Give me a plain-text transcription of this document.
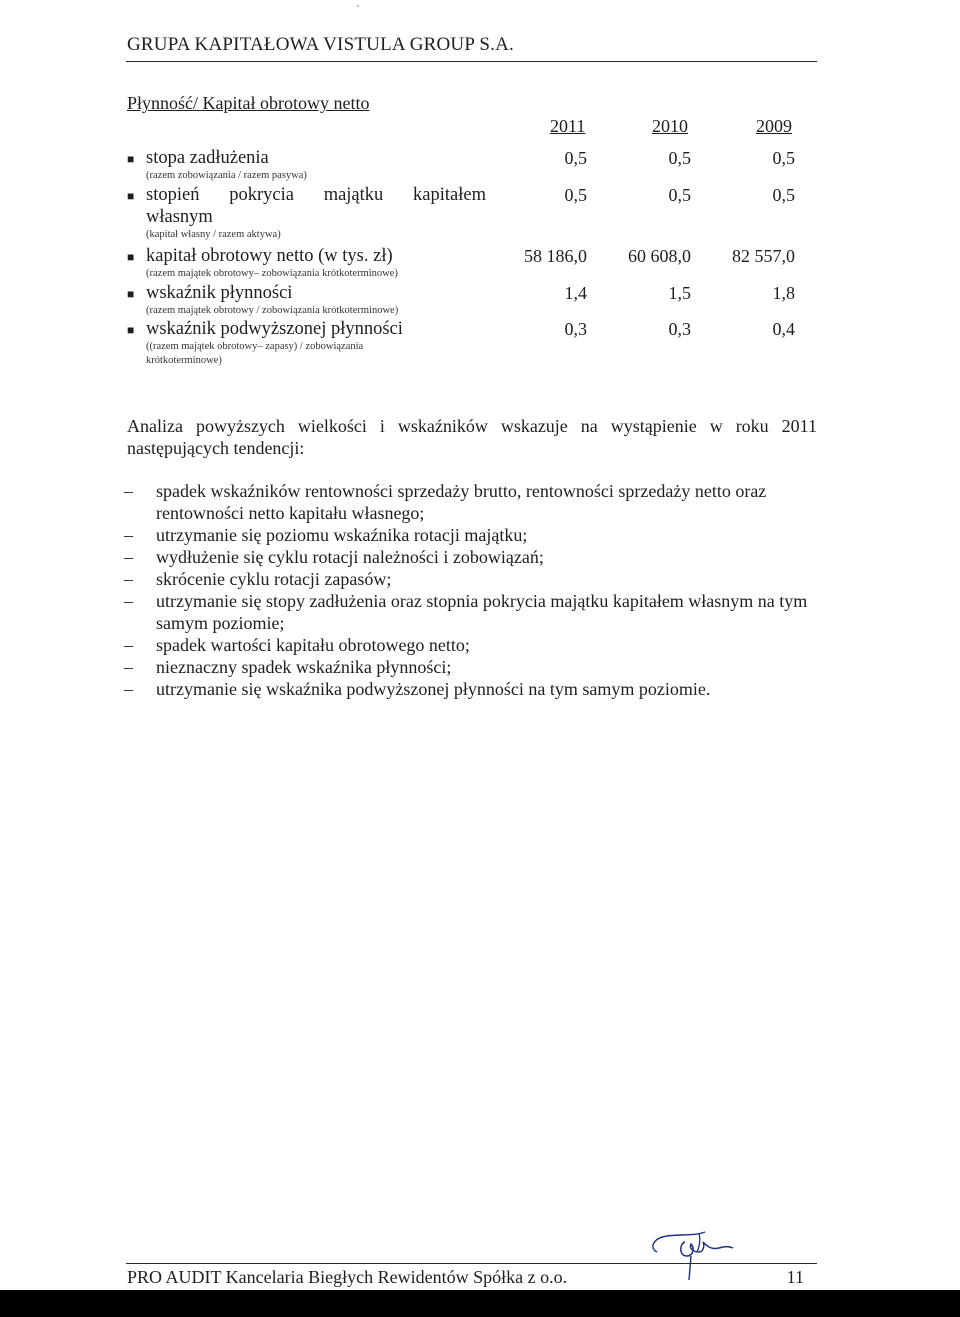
GRUPA KAPITAŁOWA VISTULA GROUP S.A.
Płynność/ Kapitał obrotowy netto
2011	2010	2009
■ stopa zadłużenia
(razem zobowiązania / razem pasywa)
0,5	0,5	0,5
■ stopień pokrycia majątku kapitałem
własnym
(kapitał własny / razem aktywa)
0,5	0,5	0,5
■ kapitał obrotowy netto (w tys. zł)
(razem majątek obrotowy– zobowiązania krótkoterminowe)
58 186,0	60 608,0	82 557,0
■ wskaźnik płynności
(razem majątek obrotowy / zobowiązania krótkoterminowe)
1,4	1,5	1,8
■ wskaźnik podwyższonej płynności
((razem majątek obrotowy– zapasy) / zobowiązania
krótkoterminowe)
0,3	0,3	0,4

Analiza powyższych wielkości i wskaźników wskazuje na wystąpienie w roku 2011 następujących tendencji:

– spadek wskaźników rentowności sprzedaży brutto, rentowności sprzedaży netto oraz rentowności netto kapitału własnego;
– utrzymanie się poziomu wskaźnika rotacji majątku;
– wydłużenie się cyklu rotacji należności i zobowiązań;
– skrócenie cyklu rotacji zapasów;
– utrzymanie się stopy zadłużenia oraz stopnia pokrycia majątku kapitałem własnym na tym samym poziomie;
– spadek wartości kapitału obrotowego netto;
– nieznaczny spadek wskaźnika płynności;
– utrzymanie się wskaźnika podwyższonej płynności na tym samym poziomie.
PRO AUDIT Kancelaria Biegłych Rewidentów Spółka z o.o.	11
